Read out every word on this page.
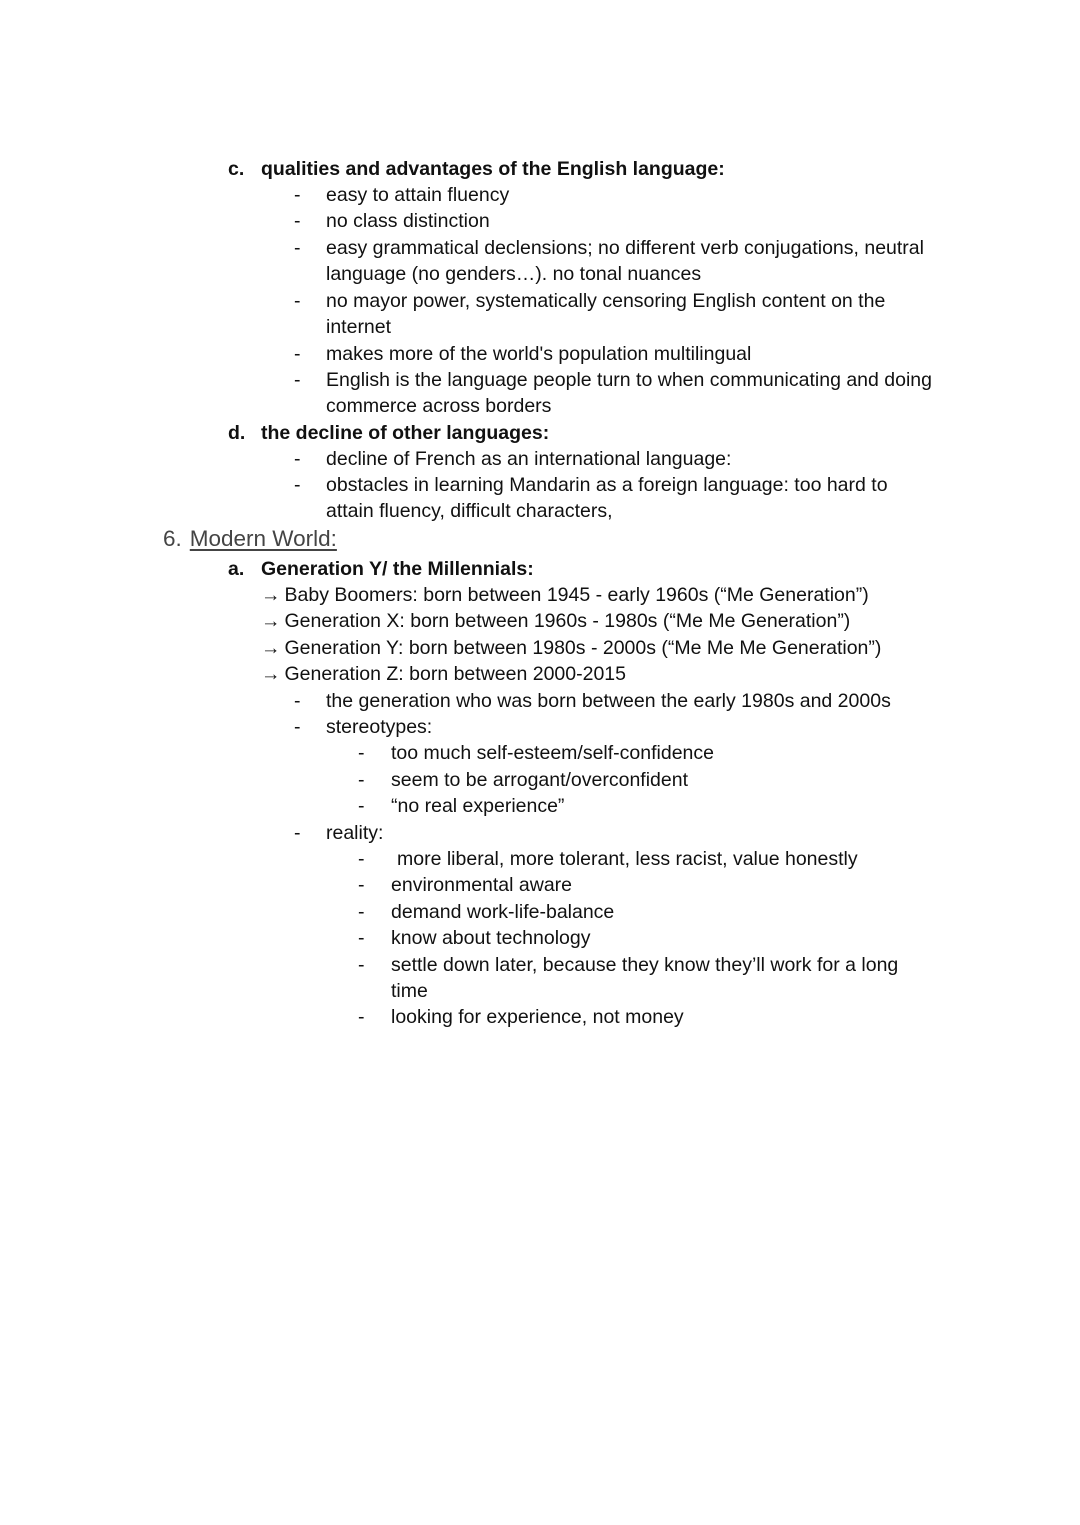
c. qualities and advantages of the English language:
- easy to attain fluency
- no class distinction
- easy grammatical declensions; no different verb conjugations, neutral
language (no genders…). no tonal nuances
- no mayor power, systematically censoring English content on the
internet
- makes more of the world's population multilingual
- English is the language people turn to when communicating and doing
commerce across borders
d. the decline of other languages:
- decline of French as an international language:
- obstacles in learning Mandarin as a foreign language: too hard to
attain fluency, difficult characters,
6. Modern World:
a. Generation Y/ the Millennials:
→ Baby Boomers: born between 1945 - early 1960s (“Me Generation”)
→ Generation X: born between 1960s - 1980s (“Me Me Generation”)
→ Generation Y: born between 1980s - 2000s (“Me Me Me Generation”)
→ Generation Z: born between 2000-2015
- the generation who was born between the early 1980s and 2000s
- stereotypes:
- too much self-esteem/self-confidence
- seem to be arrogant/overconfident
- “no real experience”
- reality:
- more liberal, more tolerant, less racist, value honestly
- environmental aware
- demand work-life-balance
- know about technology
- settle down later, because they know they’ll work for a long
time
- looking for experience, not money
